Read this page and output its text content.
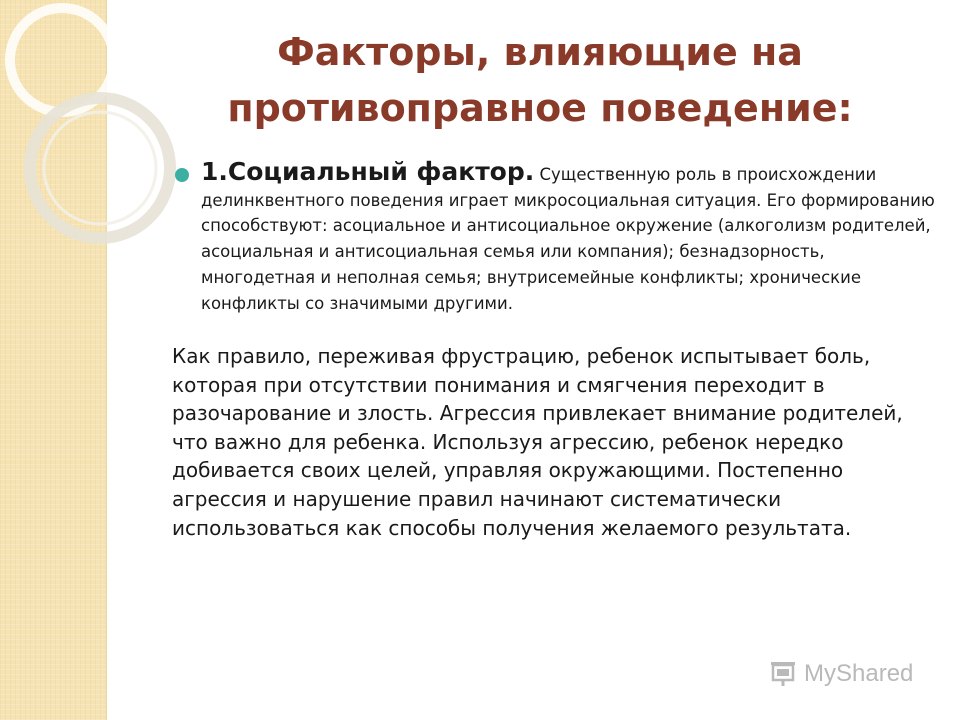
Факторы, влияющие на противоправное поведение:

1.Социальный фактор. Существенную роль в происхождении делинквентного поведения играет микросоциальная ситуация. Его формированию способствуют: асоциальное и антисоциальное окружение (алкоголизм родителей, асоциальная и антисоциальная семья или компания); безнадзорность, многодетная и неполная семья; внутрисемейные конфликты; хронические конфликты со значимыми другими.

Как правило, переживая фрустрацию, ребенок испытывает боль, которая при отсутствии понимания и смягчения переходит в разочарование и злость. Агрессия привлекает внимание родителей, что важно для ребенка. Используя агрессию, ребенок нередко добивается своих целей, управляя окружающими. Постепенно агрессия и нарушение правил начинают систематически использоваться как способы получения желаемого результата.

MyShared
